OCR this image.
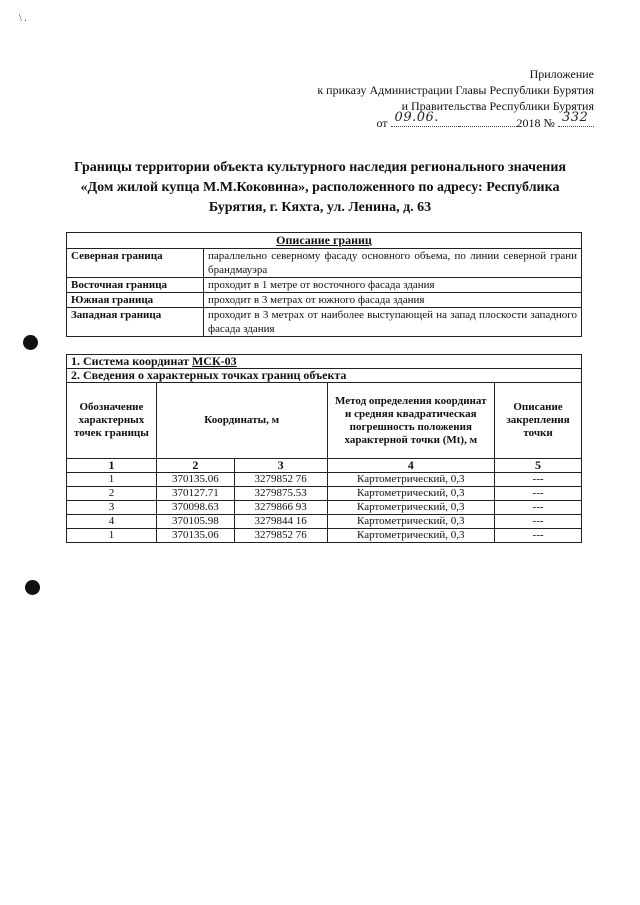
\ .
Приложение
к приказу Администрации Главы Республики Бурятия
и Правительства Республики Бурятия
от 09.06.	2018 № 332
Границы территории объекта культурного наследия регионального значения
«Дом жилой купца М.М.Коковина», расположенного по адресу: Республика
Бурятия, г. Кяхта, ул. Ленина, д. 63
Описание границ	
Северная граница	параллельно северному фасаду основного объема, по линии северной грани брандмауэра
Восточная граница	проходит в 1 метре от восточного фасада здания
Южная граница	проходит в 3 метрах от южного фасада здания
Западная граница	проходит в 3 метрах от наиболее выступающей на запад плоскости западного фасада здания
1. Система координат МСК-03				
2. Сведения о характерных точках границ объекта				
Обозначение характерных точек границы	Координаты, м		Метод определения координат и средняя квадратическая погрешность положения характерной точки (Mt), м	Описание закрепления точки
1	2	3	4	5
1	370135.06	3279852 76	Картометрический, 0,3	---
2	370127.71	3279875.53	Картометрический, 0,3	---
3	370098.63	3279866 93	Картометрический, 0,3	---
4	370105.98	3279844 16	Картометрический, 0,3	---
1	370135.06	3279852 76	Картометрический, 0,3	---
